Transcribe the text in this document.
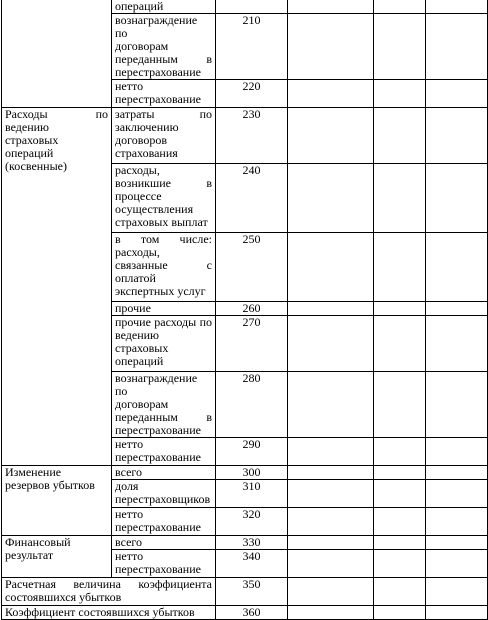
	операций				

	вознаграждение по
договорам
переданным в
перестрахование	210			

	нетто
перестрахование	220			

Расходы по
ведению
страховых
операций
(косвенные)	затраты по
заключению
договоров
страхования	230			

	расходы,
возникшие в
процессе
осуществления
страховых выплат	240			

	в том числе:
расходы,
связанные с
оплатой
экспертных услуг	250			

	прочие	260			

	прочие расходы по
ведению
страховых
операций	270			

	вознаграждение по
договорам
переданным в
перестрахование	280			

	нетто
перестрахование	290			

Изменение
резервов убытков	всего	300			

	доля
перестраховщиков	310			

	нетто
перестрахование	320			

Финансовый
результат	всего	330			

	нетто
перестрахование	340			

Расчетная величина коэффициента
состоявшихся убытков		350			

Коэффициент состоявшихся убытков		360			
